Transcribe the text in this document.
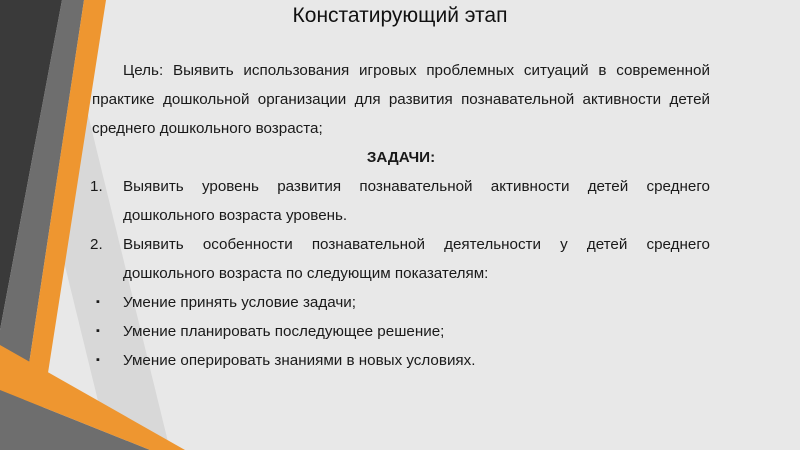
Констатирующий этап

Цель: Выявить использования игровых проблемных ситуаций в современной практике дошкольной организации для развития познавательной активности детей среднего дошкольного возраста;

ЗАДАЧИ:

1. Выявить уровень развития познавательной активности детей среднего дошкольного возраста уровень.
2. Выявить особенности познавательной деятельности у детей среднего дошкольного возраста по следующим показателям:
▪ Умение принять условие задачи;
▪ Умение планировать последующее решение;
▪ Умение оперировать знаниями в новых условиях.
